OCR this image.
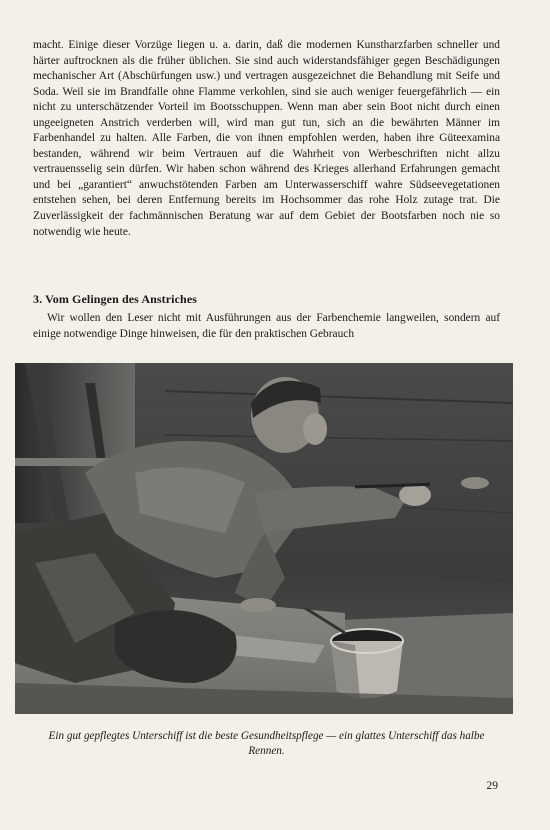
macht. Einige dieser Vorzüge liegen u. a. darin, daß die modernen Kunstharzfarben schneller und härter auftrocknen als die früher üblichen. Sie sind auch widerstandsfähiger gegen Beschädigungen mechanischer Art (Abschürfungen usw.) und vertragen ausgezeichnet die Behandlung mit Seife und Soda. Weil sie im Brandfalle ohne Flamme verkohlen, sind sie auch weniger feuergefährlich — ein nicht zu unterschätzender Vorteil im Bootsschuppen. Wenn man aber sein Boot nicht durch einen ungeeigneten Anstrich verderben will, wird man gut tun, sich an die bewährten Männer im Farbenhandel zu halten. Alle Farben, die von ihnen empfohlen werden, haben ihre Güteexamina bestanden, während wir beim Vertrauen auf die Wahrheit von Werbeschriften nicht allzu vertrauensselig sein dürfen. Wir haben schon während des Krieges allerhand Erfahrungen gemacht und bei „garantiert“ anwuchstötenden Farben am Unterwasserschiff wahre Südseevegetationen entstehen sehen, bei deren Entfernung bereits im Hochsommer das rohe Holz zutage trat. Die Zuverlässigkeit der fachmännischen Beratung war auf dem Gebiet der Bootsfarben noch nie so notwendig wie heute.

3. Vom Gelingen des Anstriches

Wir wollen den Leser nicht mit Ausführungen aus der Farbenchemie langweilen, sondern auf einige notwendige Dinge hinweisen, die für den praktischen Gebrauch

Ein gut gepflegtes Unterschiff ist die beste Gesundheitspflege — ein glattes Unterschiff das halbe Rennen.
29
